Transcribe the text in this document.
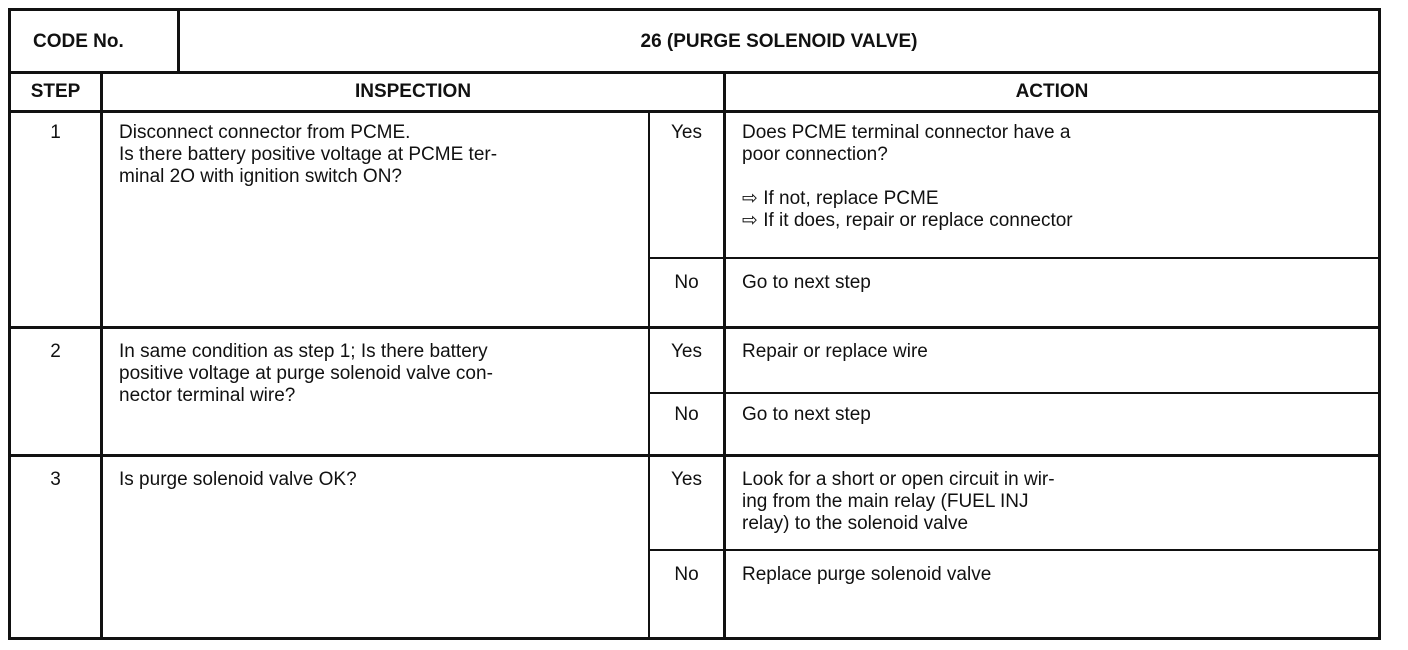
CODE No.	26 (PURGE SOLENOID VALVE)
STEP	INSPECTION	ACTION
1	Disconnect connector from PCME.
Is there battery positive voltage at PCME ter-
minal 2O with ignition switch ON?
Yes	Does PCME terminal connector have a
poor connection?
⇨ If not, replace PCME
⇨ If it does, repair or replace connector
No	Go to next step
2	In same condition as step 1; Is there battery
positive voltage at purge solenoid valve con-
nector terminal wire?
Yes	Repair or replace wire
No	Go to next step
3	Is purge solenoid valve OK?	Yes	Look for a short or open circuit in wir-
ing from the main relay (FUEL INJ
relay) to the solenoid valve
No	Replace purge solenoid valve
